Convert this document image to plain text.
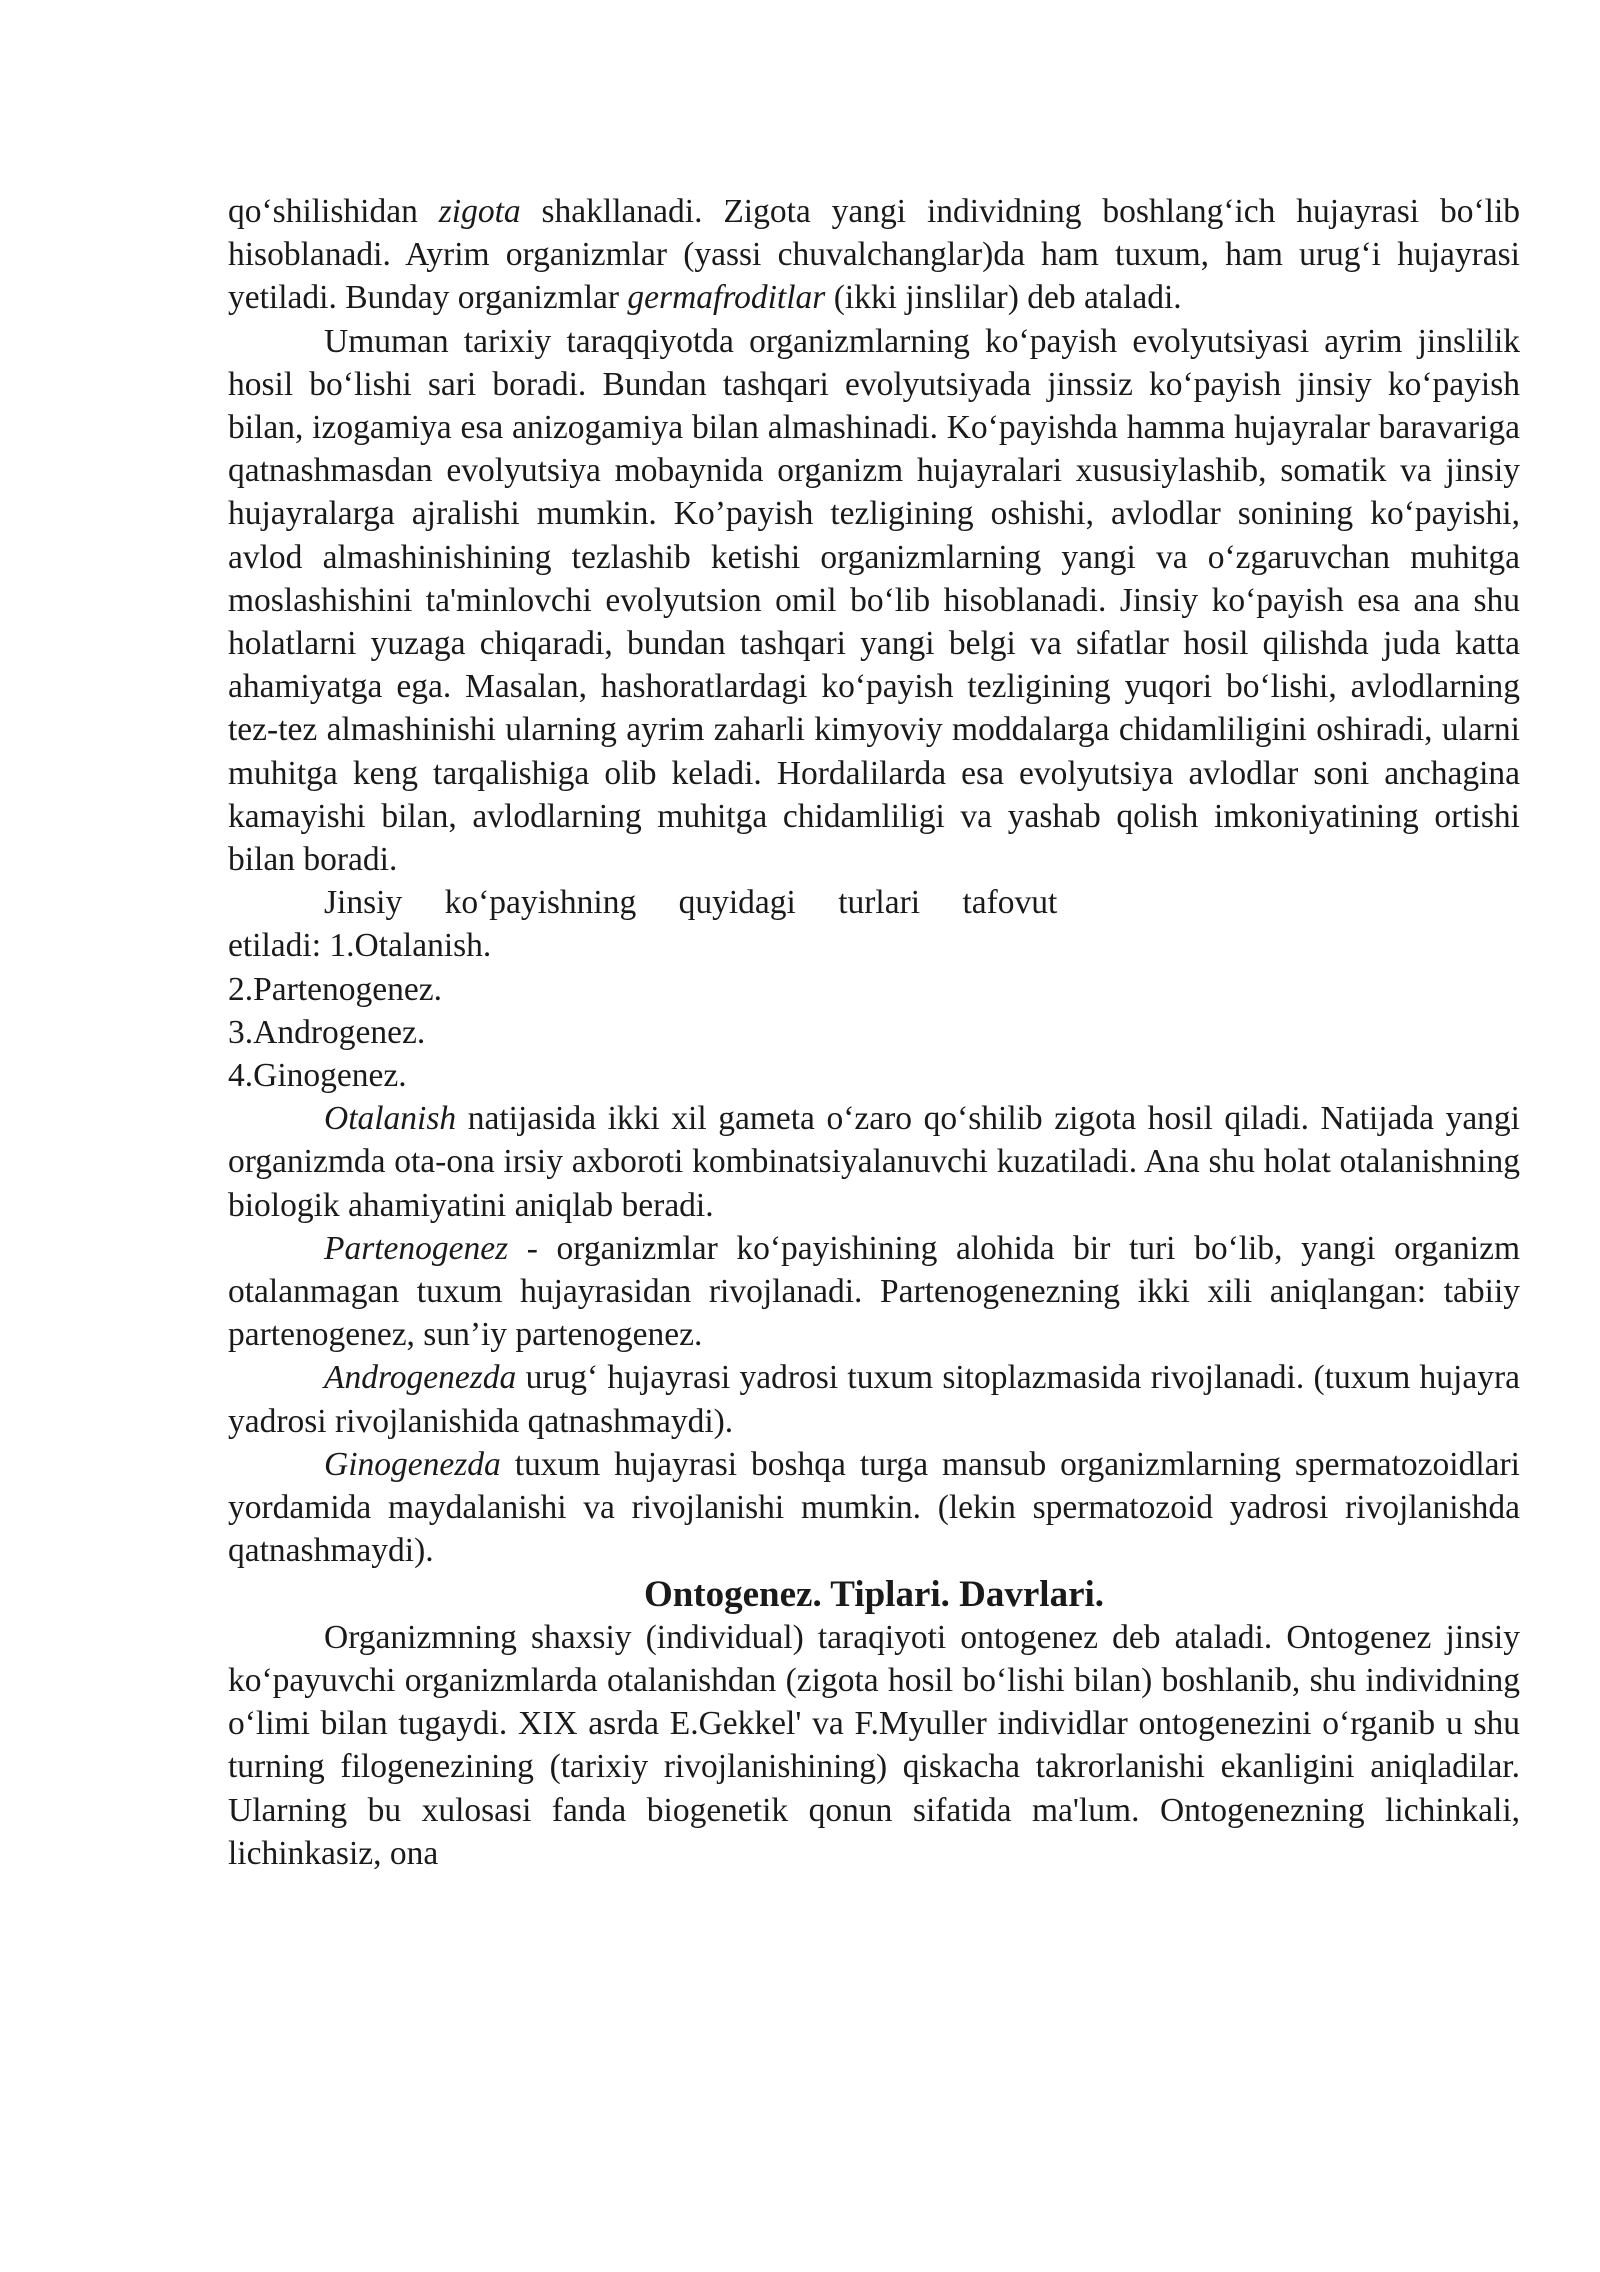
qo‘shilishidan zigota shakllanadi. Zigota yangi individning boshlang‘ich hujayrasi bo‘lib hisoblanadi. Ayrim organizmlar (yassi chuvalchanglar)da ham tuxum, ham urug‘i hujayrasi yetiladi. Bunday organizmlar germafroditlar (ikki jinslilar) deb ataladi.

Umuman tarixiy taraqqiyotda organizmlarning ko‘payish evolyutsiyasi ayrim jinslilik hosil bo‘lishi sari boradi. Bundan tashqari evolyutsiyada jinssiz ko‘payish jinsiy ko‘payish bilan, izogamiya esa anizogamiya bilan almashinadi. Ko‘payishda hamma hujayralar baravariga qatnashmasdan evolyutsiya mobaynida organizm hujayralari xususiylashib, somatik va jinsiy hujayralarga ajralishi mumkin. Ko’payish tezligining oshishi, avlodlar sonining ko‘payishi, avlod almashinishining tezlashib ketishi organizmlarning yangi va o‘zgaruvchan muhitga moslashishini ta'minlovchi evolyutsion omil bo‘lib hisoblanadi. Jinsiy ko‘payish esa ana shu holatlarni yuzaga chiqaradi, bundan tashqari yangi belgi va sifatlar hosil qilishda juda katta ahamiyatga ega. Masalan, hashoratlardagi ko‘payish tezligining yuqori bo‘lishi, avlodlarning tez-tez almashinishi ularning ayrim zaharli kimyoviy moddalarga chidamliligini oshiradi, ularni muhitga keng tarqalishiga olib keladi. Hordalilarda esa evolyutsiya avlodlar soni anchagina kamayishi bilan, avlodlarning muhitga chidamliligi va yashab qolish imkoniyatining ortishi bilan boradi.

Jinsiy ko‘payishning quyidagi turlari tafovut

etiladi: 1.Otalanish.

2.Partenogenez.

3.Androgenez.

4.Ginogenez.

Otalanish natijasida ikki xil gameta o‘zaro qo‘shilib zigota hosil qiladi. Natijada yangi organizmda ota-ona irsiy axboroti kombinatsiyalanuvchi kuzatiladi. Ana shu holat otalanishning biologik ahamiyatini aniqlab beradi.

Partenogenez - organizmlar ko‘payishining alohida bir turi bo‘lib, yangi organizm otalanmagan tuxum hujayrasidan rivojlanadi. Partenogenezning ikki xili aniqlangan: tabiiy partenogenez, sun’iy partenogenez.

Androgenezda urug‘ hujayrasi yadrosi tuxum sitoplazmasida rivojlanadi. (tuxum hujayra yadrosi rivojlanishida qatnashmaydi).

Ginogenezda tuxum hujayrasi boshqa turga mansub organizmlarning spermatozoidlari yordamida maydalanishi va rivojlanishi mumkin. (lekin spermatozoid yadrosi rivojlanishda qatnashmaydi).

Ontogenez. Tiplari. Davrlari.

Organizmning shaxsiy (individual) taraqiyoti ontogenez deb ataladi. Ontogenez jinsiy ko‘payuvchi organizmlarda otalanishdan (zigota hosil bo‘lishi bilan) boshlanib, shu individning o‘limi bilan tugaydi. XIX asrda E.Gekkel' va F.Myuller individlar ontogenezini o‘rganib u shu turning filogenezining (tarixiy rivojlanishining) qiskacha takrorlanishi ekanligini aniqladilar. Ularning bu xulosasi fanda biogenetik qonun sifatida ma'lum. Ontogenezning lichinkali, lichinkasiz, ona
